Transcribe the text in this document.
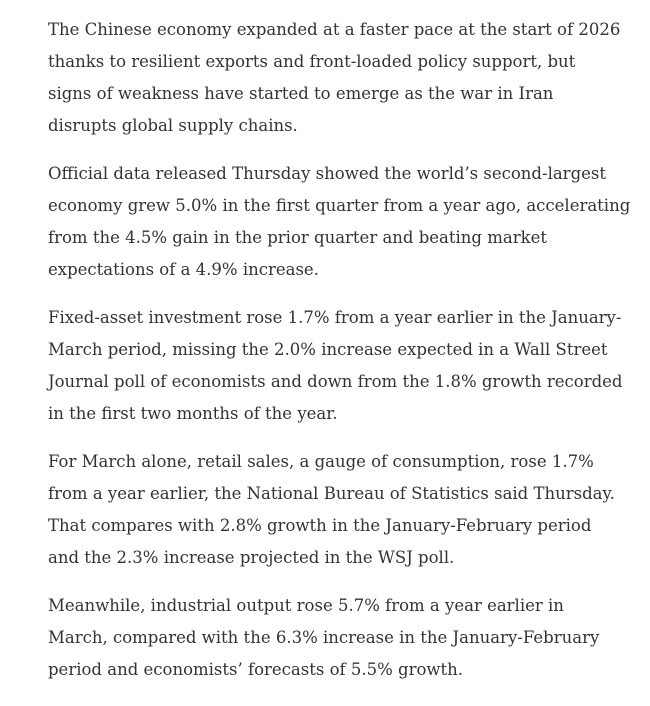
The Chinese economy expanded at a faster pace at the start of 2026
thanks to resilient exports and front-loaded policy support, but
signs of weakness have started to emerge as the war in Iran
disrupts global supply chains.

Official data released Thursday showed the world’s second-largest
economy grew 5.0% in the first quarter from a year ago, accelerating
from the 4.5% gain in the prior quarter and beating market
expectations of a 4.9% increase.

Fixed-asset investment rose 1.7% from a year earlier in the January-
March period, missing the 2.0% increase expected in a Wall Street
Journal poll of economists and down from the 1.8% growth recorded
in the first two months of the year.

For March alone, retail sales, a gauge of consumption, rose 1.7%
from a year earlier, the National Bureau of Statistics said Thursday.
That compares with 2.8% growth in the January-February period
and the 2.3% increase projected in the WSJ poll.

Meanwhile, industrial output rose 5.7% from a year earlier in
March, compared with the 6.3% increase in the January-February
period and economists’ forecasts of 5.5% growth.
